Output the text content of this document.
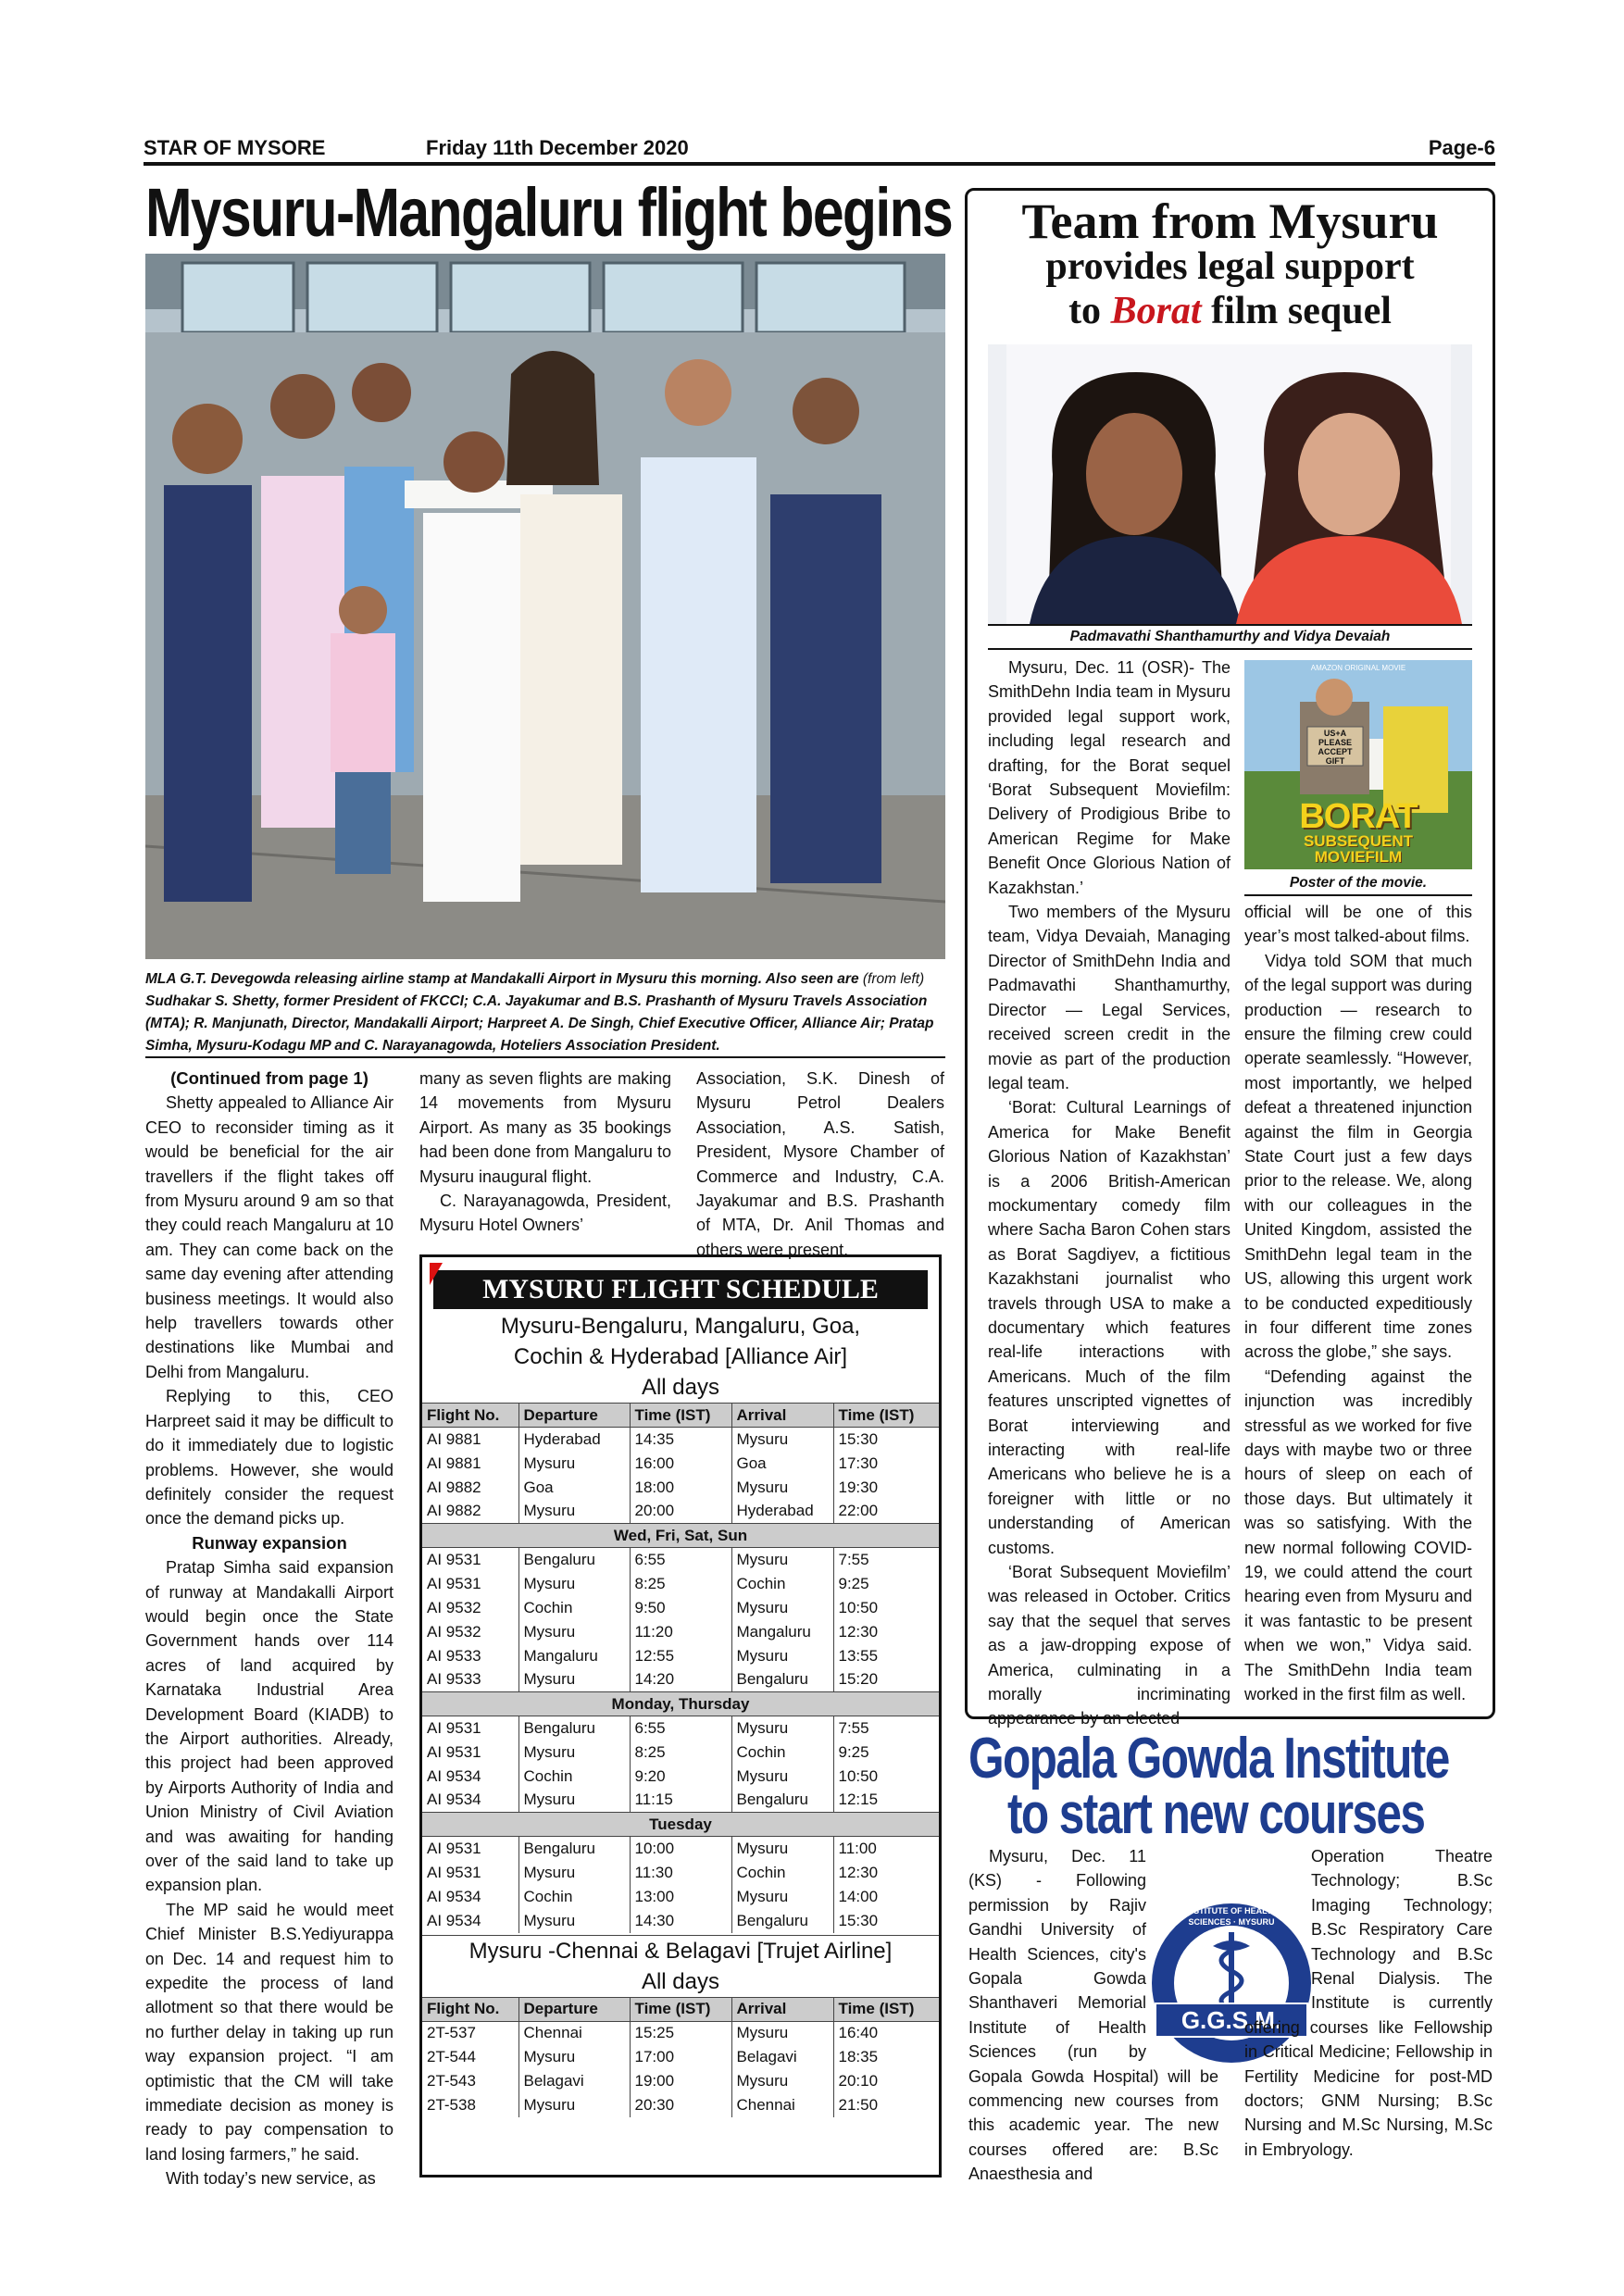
STAR OF MYSORE	Friday 11th December 2020	Page-6
Mysuru-Mangaluru flight begins
MLA G.T. Devegowda releasing airline stamp at Mandakalli Airport in Mysuru this morning. Also seen are (from left) Sudhakar S. Shetty, former President of FKCCI; C.A. Jayakumar and B.S. Prashanth of Mysuru Travels Association (MTA); R. Manjunath, Director, Mandakalli Airport; Harpreet A. De Singh, Chief Executive Officer, Alliance Air; Pratap Simha, Mysuru-Kodagu MP and C. Narayanagowda, Hoteliers Association President.
(Continued from page 1)

Shetty appealed to Alliance Air CEO to reconsider timing as it would be beneficial for the air travellers if the flight takes off from Mysuru around 9 am so that they could reach Mangaluru at 10 am. They can come back on the same day evening after attending business meetings. It would also help travellers towards other destinations like Mumbai and Delhi from Mangaluru.

Replying to this, CEO Harpreet said it may be difficult to do it immediately due to logistic problems. However, she would definitely consider the request once the demand picks up.

Runway expansion

Pratap Simha said expansion of runway at Mandakalli Airport would begin once the State Government hands over 114 acres of land acquired by Karnataka Industrial Area Development Board (KIADB) to the Airport authorities. Already, this project had been approved by Airports Authority of India and Union Ministry of Civil Aviation and was awaiting for handing over of the said land to take up expansion plan.

The MP said he would meet Chief Minister B.S.Yediyurappa on Dec. 14 and request him to expedite the process of land allotment so that there would be no further delay in taking up run way expansion project. “I am optimistic that the CM will take immediate decision as money is ready to pay compensation to land losing farmers,” he said.

With today’s new service, as

many as seven flights are making 14 movements from Mysuru Airport. As many as 35 bookings had been done from Mangaluru to Mysuru inaugural flight.

C. Narayanagowda, President, Mysuru Hotel Owners’

Association, S.K. Dinesh of Mysuru Petrol Dealers Association, A.S. Satish, President, Mysore Chamber of Commerce and Industry, C.A. Jayakumar and B.S. Prashanth of MTA, Dr. Anil Thomas and others were present.

MYSURU FLIGHT SCHEDULE
Mysuru-Bengaluru, Mangaluru, Goa,
Cochin & Hyderabad [Alliance Air]
All days
Flight No.	Departure	Time (IST)	Arrival	Time (IST)
AI 9881	Hyderabad	14:35	Mysuru	15:30
AI 9881	Mysuru	16:00	Goa	17:30
AI 9882	Goa	18:00	Mysuru	19:30
AI 9882	Mysuru	20:00	Hyderabad	22:00
Wed, Fri, Sat, Sun				
AI 9531	Bengaluru	6:55	Mysuru	7:55
AI 9531	Mysuru	8:25	Cochin	9:25
AI 9532	Cochin	9:50	Mysuru	10:50
AI 9532	Mysuru	11:20	Mangaluru	12:30
AI 9533	Mangaluru	12:55	Mysuru	13:55
AI 9533	Mysuru	14:20	Bengaluru	15:20
Monday, Thursday				
AI 9531	Bengaluru	6:55	Mysuru	7:55
AI 9531	Mysuru	8:25	Cochin	9:25
AI 9534	Cochin	9:20	Mysuru	10:50
AI 9534	Mysuru	11:15	Bengaluru	12:15
Tuesday				
AI 9531	Bengaluru	10:00	Mysuru	11:00
AI 9531	Mysuru	11:30	Cochin	12:30
AI 9534	Cochin	13:00	Mysuru	14:00
AI 9534	Mysuru	14:30	Bengaluru	15:30
Mysuru -Chennai & Belagavi [Trujet Airline]
All days
Flight No.	Departure	Time (IST)	Arrival	Time (IST)
2T-537	Chennai	15:25	Mysuru	16:40
2T-544	Mysuru	17:00	Belagavi	18:35
2T-543	Belagavi	19:00	Mysuru	20:10
2T-538	Mysuru	20:30	Chennai	21:50
Team from Mysuru
provides legal support
to Borat film sequel
Padmavathi Shanthamurthy and Vidya Devaiah
AMAZON ORIGINAL MOVIE
US+A PLEASE ACCEPT GIFT
BORAT
SUBSEQUENT
MOVIEFILM
Poster of the movie.

Mysuru, Dec. 11 (OSR)- The SmithDehn India team in Mysuru provided legal support work, including legal research and drafting, for the Borat sequel ‘Borat Subsequent Moviefilm: Delivery of Prodigious Bribe to American Regime for Make Benefit Once Glorious Nation of Kazakhstan.’

Two members of the Mysuru team, Vidya Devaiah, Managing Director of SmithDehn India and Padmavathi Shanthamurthy, Director — Legal Services, received screen credit in the movie as part of the production legal team.

‘Borat: Cultural Learnings of America for Make Benefit Glorious Nation of Kazakhstan’ is a 2006 British-American mockumentary comedy film where Sacha Baron Cohen stars as Borat Sagdiyev, a fictitious Kazakhstani journalist who travels through USA to make a documentary which features real-life interactions with Americans. Much of the film features unscripted vignettes of Borat interviewing and interacting with real-life Americans who believe he is a foreigner with little or no understanding of American customs.

‘Borat Subsequent Moviefilm’ was released in October. Critics say that the sequel that serves as a jaw-dropping expose of America, culminating in a morally incriminating appearance by an elected

official will be one of this year’s most talked-about films.

Vidya told SOM that much of the legal support was during production — research to ensure the filming crew could operate seamlessly. “However, most importantly, we helped defeat a threatened injunction against the film in Georgia State Court just a few days prior to the release. We, along with our colleagues in the United Kingdom, assisted the SmithDehn legal team in the US, allowing this urgent work to be conducted expeditiously in four different time zones across the globe,” she says.

“Defending against the injunction was incredibly stressful as we worked for five days with maybe two or three hours of sleep on each of those days. But ultimately it was so satisfying. With the new normal following COVID-19, we could attend the court hearing even from Mysuru and it was fantastic to be present when we won,” Vidya said. The SmithDehn India team worked in the first film as well.

Gopala Gowda Institute
to start new courses
G.G.S.M.
INSTITUTE OF HEALTH SCIENCES · MYSURU
Mysuru, Dec. 11 (KS) - Following permission by Rajiv Gandhi University of Health Sciences, city's Gopala Gowda Shanthaveri Memorial Institute of Health Sciences (run by Gopala Gowda Hospital) will be commencing new courses from this academic year. The new courses offered are: B.Sc Anaesthesia and
Operation Theatre Technology; B.Sc Imaging Technology; B.Sc Respiratory Care Technology and B.Sc Renal Dialysis. The Institute is currently offering courses like Fellowship in Critical Medicine; Fellowship in Fertility Medicine for post-MD doctors; GNM Nursing; B.Sc Nursing and M.Sc Nursing, M.Sc in Embryology.
